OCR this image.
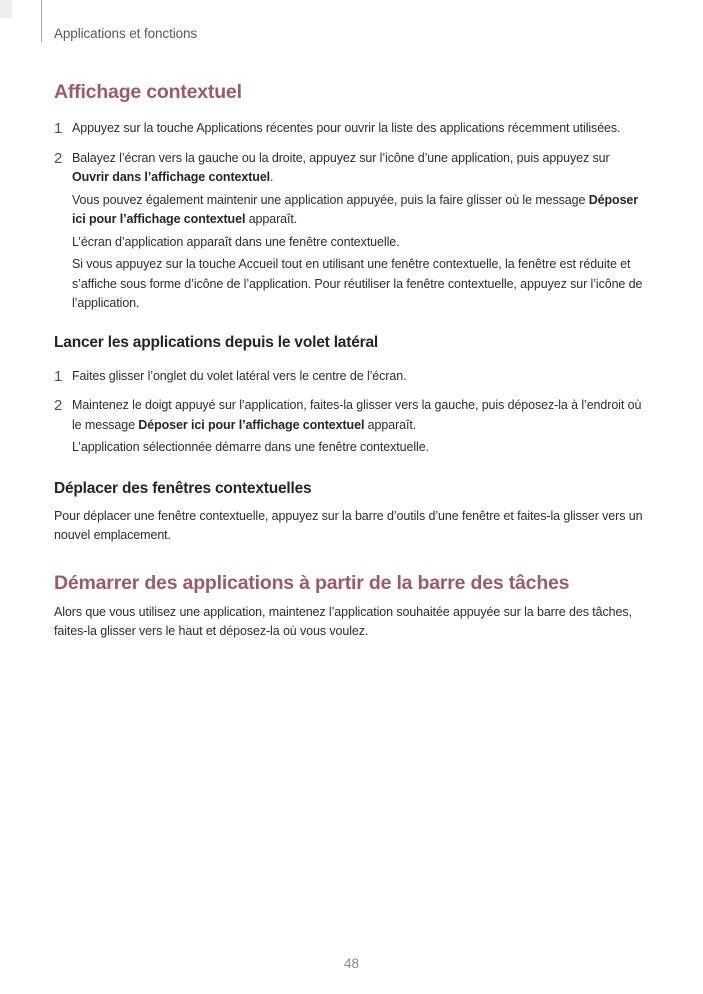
Applications et fonctions
Affichage contextuel
1 Appuyez sur la touche Applications récentes pour ouvrir la liste des applications récemment utilisées.

2 Balayez l’écran vers la gauche ou la droite, appuyez sur l’icône d’une application, puis appuyez sur Ouvrir dans l’affichage contextuel.

Vous pouvez également maintenir une application appuyée, puis la faire glisser où le message Déposer ici pour l’affichage contextuel apparaît.

L’écran d’application apparaît dans une fenêtre contextuelle.

Si vous appuyez sur la touche Accueil tout en utilisant une fenêtre contextuelle, la fenêtre est réduite et s’affiche sous forme d’icône de l’application. Pour réutiliser la fenêtre contextuelle, appuyez sur l’icône de l’application.

Lancer les applications depuis le volet latéral
1 Faites glisser l’onglet du volet latéral vers le centre de l’écran.

2 Maintenez le doigt appuyé sur l’application, faites-la glisser vers la gauche, puis déposez-la à l’endroit où le message Déposer ici pour l’affichage contextuel apparaît.

L’application sélectionnée démarre dans une fenêtre contextuelle.

Déplacer des fenêtres contextuelles

Pour déplacer une fenêtre contextuelle, appuyez sur la barre d’outils d’une fenêtre et faites-la glisser vers un nouvel emplacement.

Démarrer des applications à partir de la barre des tâches

Alors que vous utilisez une application, maintenez l’application souhaitée appuyée sur la barre des tâches, faites-la glisser vers le haut et déposez-la où vous voulez.

48
